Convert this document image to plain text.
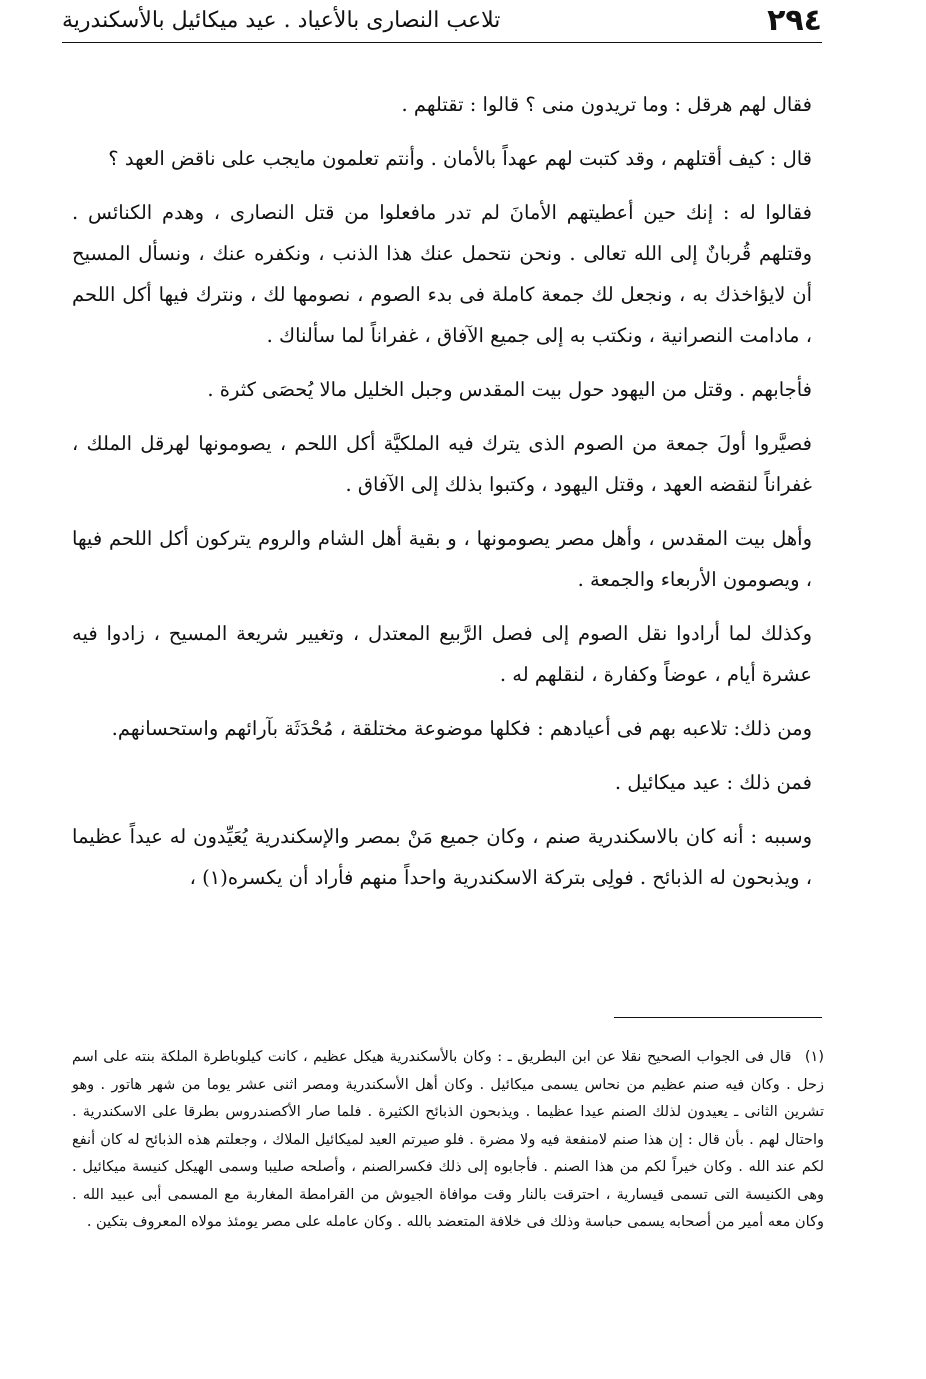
٢٩٤
تلاعب النصارى بالأعياد . عيد ميكائيل بالأسكندرية

فقال لهم هرقل : وما تريدون منى ؟ قالوا : تقتلهم .

قال : كيف أقتلهم ، وقد كتبت لهم عهداً بالأمان . وأنتم تعلمون مايجب على ناقض العهد ؟

فقالوا له : إنك حين أعطيتهم الأمانَ لم تدر مافعلوا من قتل النصارى ، وهدم الكنائس . وقتلهم قُربانٌ إلى الله تعالى . ونحن نتحمل عنك هذا الذنب ، ونكفره عنك ، ونسأل المسيح أن لايؤاخذك به ، ونجعل لك جمعة كاملة فى بدء الصوم ، نصومها لك ، ونترك فيها أكل اللحم ، مادامت النصرانية ، ونكتب به إلى جميع الآفاق ، غفراناً لما سألناك .

فأجابهم . وقتل من اليهود حول بيت المقدس وجبل الخليل مالا يُحصَى كثرة .

فصيَّروا أولَ جمعة من الصوم الذى يترك فيه الملكيَّة أكل اللحم ، يصومونها لهرقل الملك ، غفراناً لنقضه العهد ، وقتل اليهود ، وكتبوا بذلك إلى الآفاق .

وأهل بيت المقدس ، وأهل مصر يصومونها ، و بقية أهل الشام والروم يتركون أكل اللحم فيها ، ويصومون الأربعاء والجمعة .

وكذلك لما أرادوا نقل الصوم إلى فصل الرَّبيع المعتدل ، وتغيير شريعة المسيح ، زادوا فيه عشرة أيام ، عوضاً وكفارة ، لنقلهم له .

ومن ذلك: تلاعبه بهم فى أعيادهم : فكلها موضوعة مختلقة ، مُحْدَثَة بآرائهم واستحسانهم.

فمن ذلك : عيد ميكائيل .

وسببه : أنه كان بالاسكندرية صنم ، وكان جميع مَنْ بمصر والإسكندرية يُعَيِّدون له عيداً عظيما ، ويذبحون له الذبائح . فولِى بتركة الاسكندرية واحداً منهم فأراد أن يكسره(١) ،

(١) قال فى الجواب الصحيح نقلا عن ابن البطريق ـ : وكان بالأسكندرية هيكل عظيم ، كانت كيلوباطرة الملكة بنته على اسم زحل . وكان فيه صنم عظيم من نحاس يسمى ميكائيل . وكان أهل الأسكندرية ومصر اثنى عشر يوما من شهر هاتور . وهو تشرين الثانى ـ يعيدون لذلك الصنم عيدا عظيما . ويذبحون الذبائح الكثيرة . فلما صار الأكصندروس بطرقا على الاسكندرية . واحتال لهم . بأن قال : إن هذا صنم لامنفعة فيه ولا مضرة . فلو صيرتم العيد لميكائيل الملاك ، وجعلتم هذه الذبائح له كان أنفع لكم عند الله . وكان خيراً لكم من هذا الصنم . فأجابوه إلى ذلك فكسرالصنم ، وأصلحه صليبا وسمى الهيكل كنيسة ميكائيل . وهى الكنيسة التى تسمى قيسارية ، احترقت بالنار وقت موافاة الجيوش من القرامطة المغاربة مع المسمى أبى عبيد الله . وكان معه أمير من أصحابه يسمى حباسة وذلك فى خلافة المتعضد بالله . وكان عامله على مصر يومئذ مولاه المعروف بتكين .
